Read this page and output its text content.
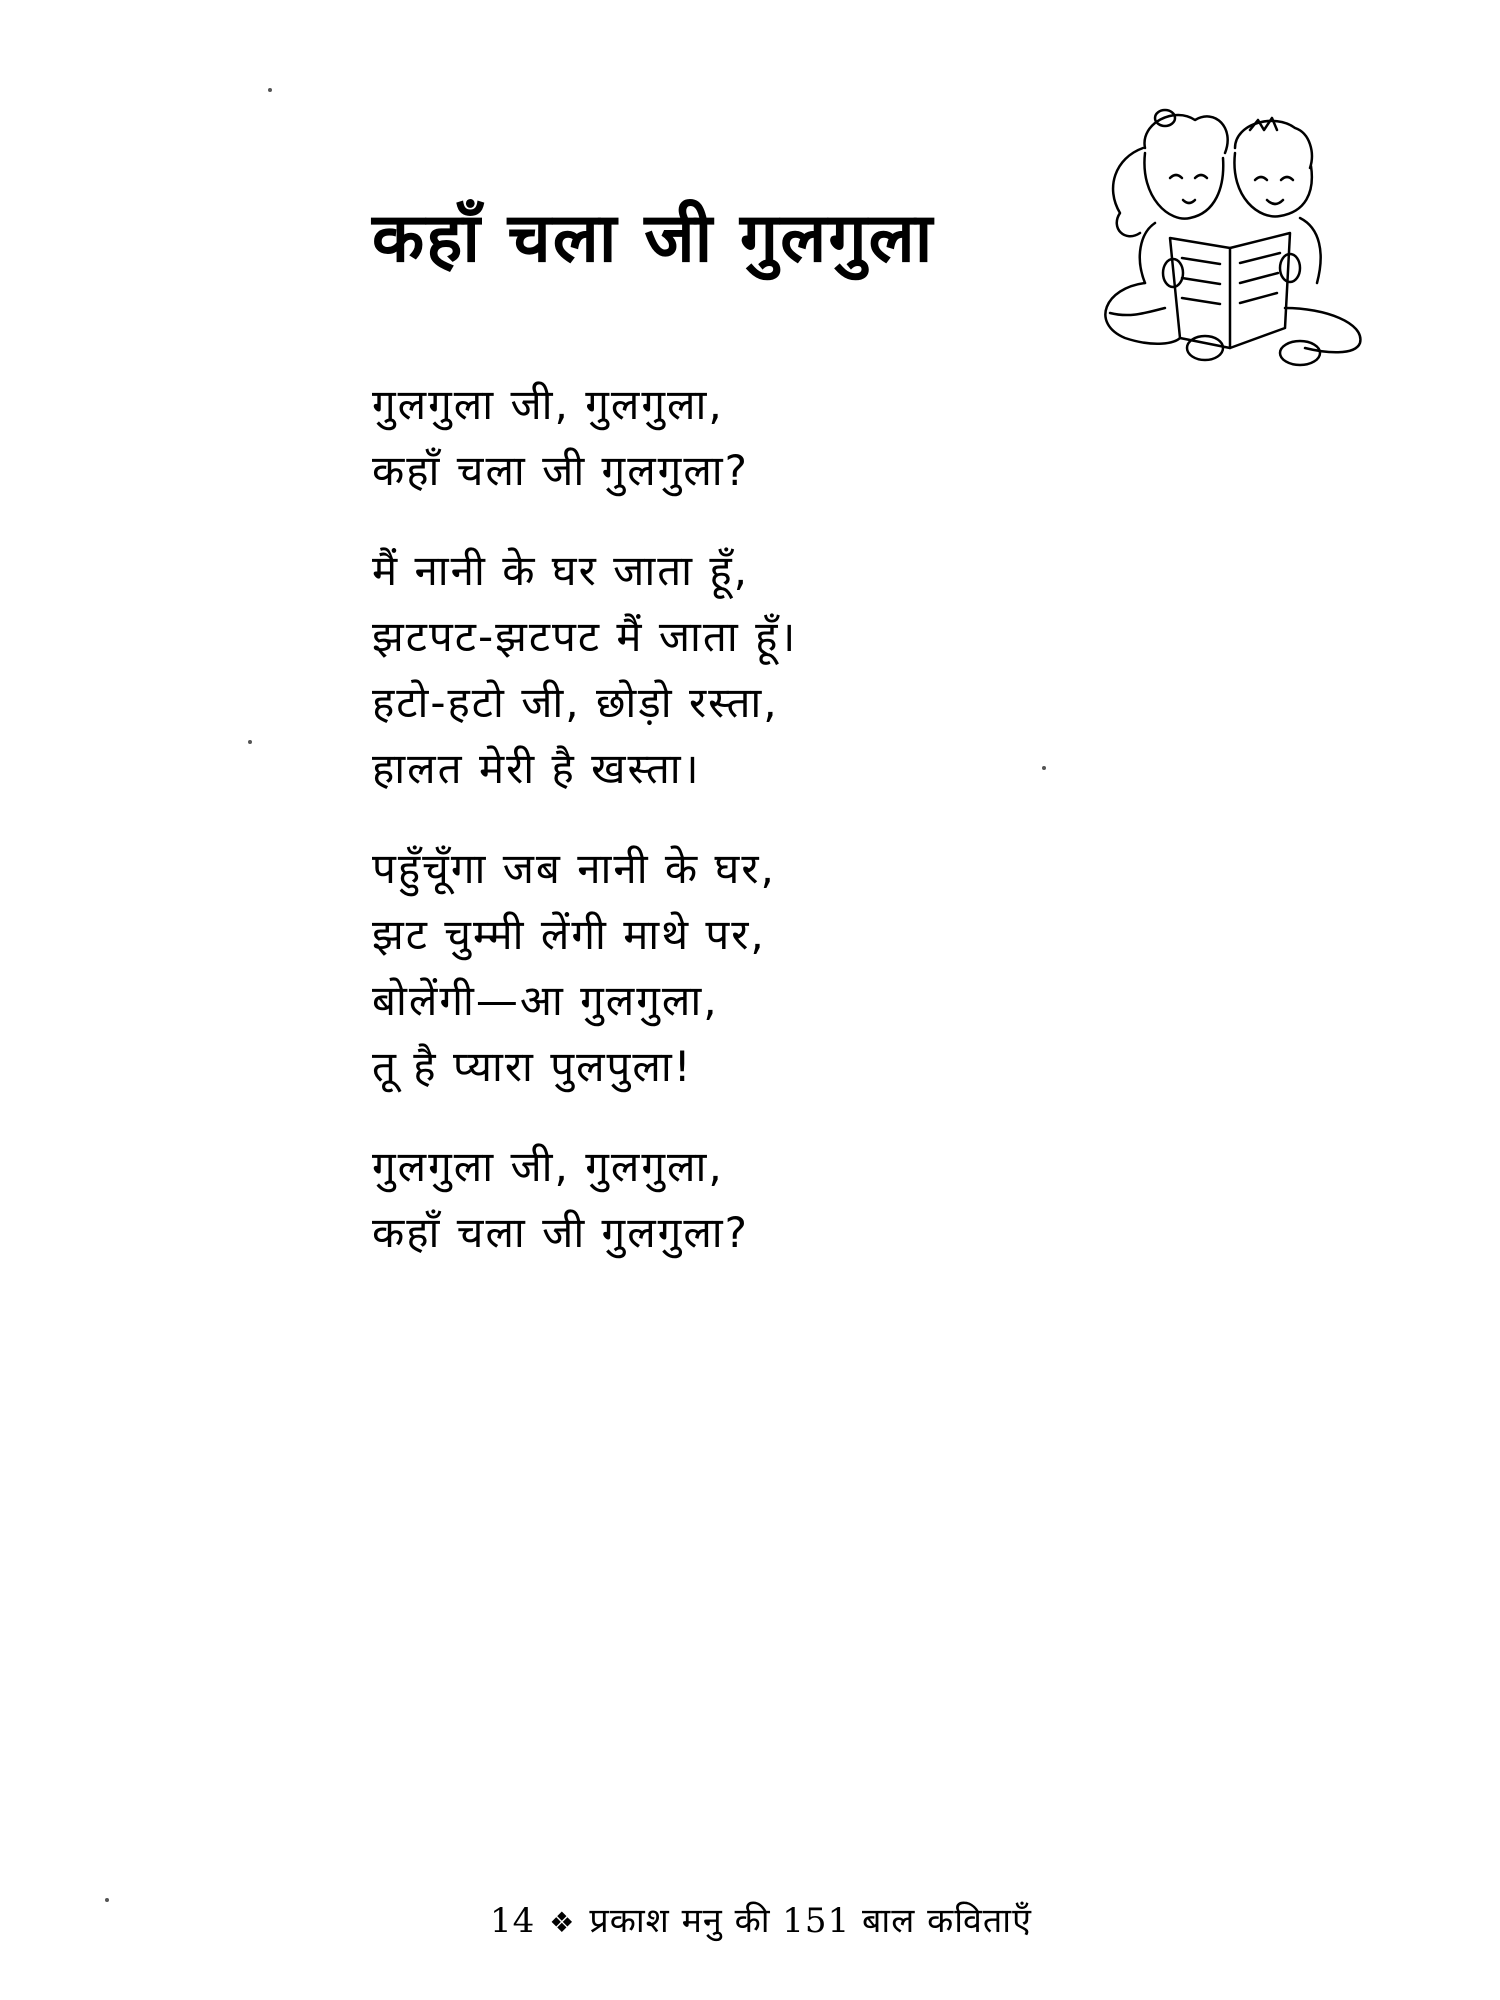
कहाँ चला जी गुलगुला
गुलगुला जी, गुलगुला,
कहाँ चला जी गुलगुला?
मैं नानी के घर जाता हूँ,
झटपट-झटपट मैं जाता हूँ।
हटो-हटो जी, छोड़ो रस्ता,
हालत मेरी है खस्ता।
पहुँचूँगा जब नानी के घर,
झट चुम्मी लेंगी माथे पर,
बोलेंगी—आ गुलगुला,
तू है प्यारा पुलपुला!
गुलगुला जी, गुलगुला,
कहाँ चला जी गुलगुला?
14 ❖ प्रकाश मनु की 151 बाल कविताएँ
